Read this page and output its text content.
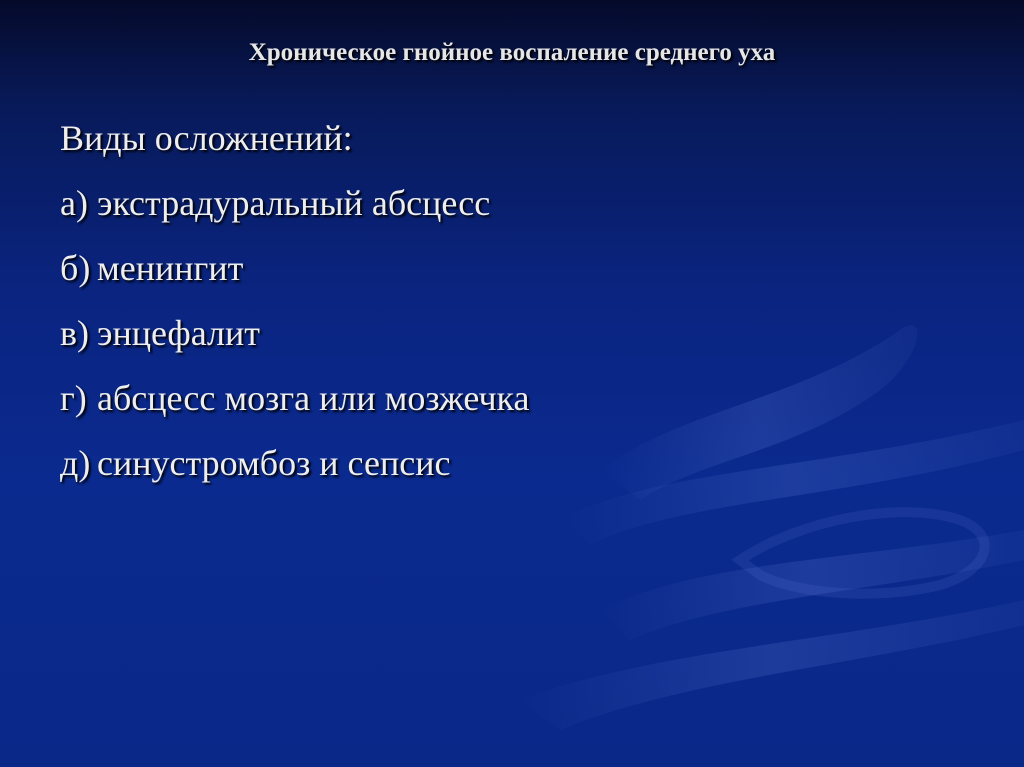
Хроническое гнойное воспаление среднего уха
Виды осложнений:
а) экстрадуральный абсцесс
б) менингит
в) энцефалит
г) абсцесс мозга или мозжечка
д) синустромбоз и сепсис
